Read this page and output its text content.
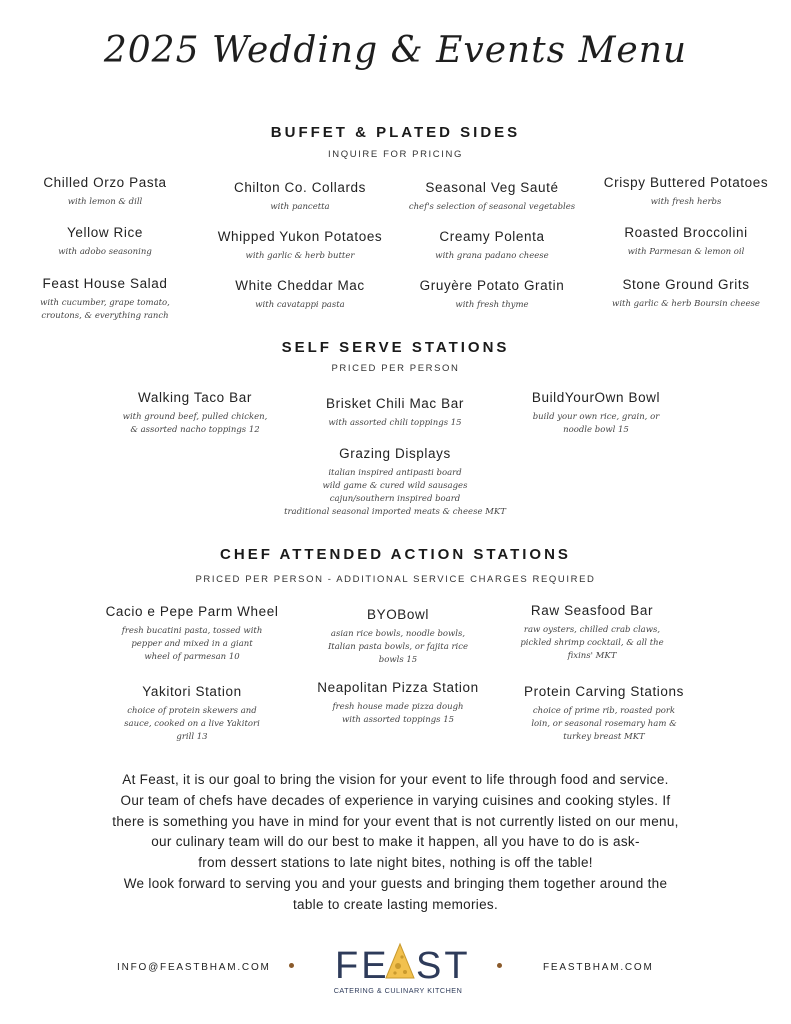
2025 Wedding & Events Menu
BUFFET & PLATED SIDES
INQUIRE FOR PRICING
Chilled Orzo Pasta
with lemon & dill
Chilton Co. Collards
with pancetta
Seasonal Veg Sauté
chef's selection of seasonal vegetables
Crispy Buttered Potatoes
with fresh herbs
Yellow Rice
with adobo seasoning
Whipped Yukon Potatoes
with garlic & herb butter
Creamy Polenta
with grana padano cheese
Roasted Broccolini
with Parmesan & lemon oil
Feast House Salad
with cucumber, grape tomato,
croutons, & everything ranch
White Cheddar Mac
with cavatappi pasta
Gruyère Potato Gratin
with fresh thyme
Stone Ground Grits
with garlic & herb Boursin cheese
SELF SERVE STATIONS
PRICED PER PERSON
Walking Taco Bar
with ground beef, pulled chicken,
& assorted nacho toppings 12
Brisket Chili Mac Bar
with assorted chili toppings 15
BuildYourOwn Bowl
build your own rice, grain, or
noodle bowl 15
Grazing Displays
italian inspired antipasti board
wild game & cured wild sausages
cajun/southern inspired board
traditional seasonal imported meats & cheese MKT
CHEF ATTENDED ACTION STATIONS
PRICED PER PERSON - ADDITIONAL SERVICE CHARGES REQUIRED
Cacio e Pepe Parm Wheel
fresh bucatini pasta, tossed with
pepper and mixed in a giant
wheel of parmesan 10
BYOBowl
asian rice bowls, noodle bowls,
Italian pasta bowls, or fajita rice
bowls 15
Raw Seasfood Bar
raw oysters, chilled crab claws,
pickled shrimp cocktail, & all the
fixins' MKT
Yakitori Station
choice of protein skewers and
sauce, cooked on a live Yakitori
grill 13
Neapolitan Pizza Station
fresh house made pizza dough
with assorted toppings 15
Protein Carving Stations
choice of prime rib, roasted pork
loin, or seasonal rosemary ham &
turkey breast MKT
At Feast, it is our goal to bring the vision for your event to life through food and service.
Our team of chefs have decades of experience in varying cuisines and cooking styles. If
there is something you have in mind for your event that is not currently listed on our menu,
our culinary team will do our best to make it happen, all you have to do is ask-
from dessert stations to late night bites, nothing is off the table!
We look forward to serving you and your guests and bringing them together around the
table to create lasting memories.
INFO@FEASTBHAM.COM FE ST
CATERING & CULINARY KITCHEN
FEASTBHAM.COM
